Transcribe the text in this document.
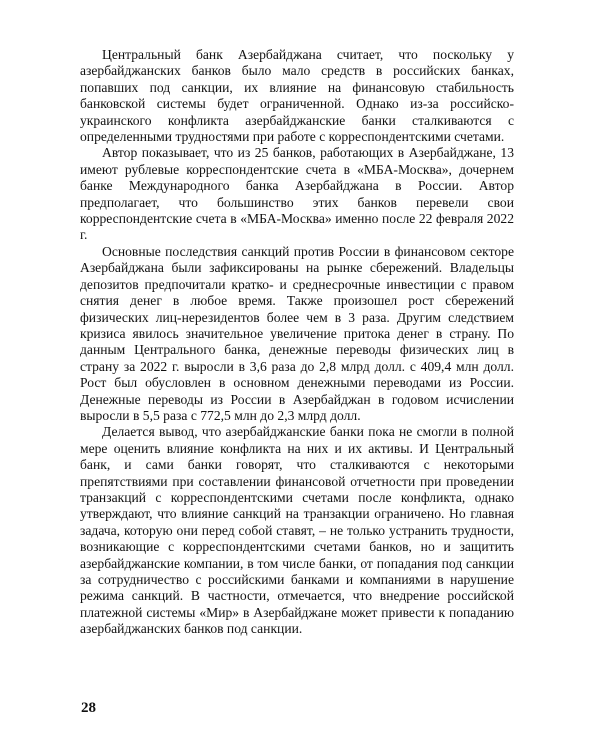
Центральный банк Азербайджана считает, что поскольку у азербайджанских банков было мало средств в российских банках, попавших под санкции, их влияние на финансовую стабильность банковской системы будет ограниченной. Однако из-за российско-украинского конфликта азербайджанские банки сталкиваются с определенными трудностями при работе с корреспондентскими счетами.

Автор показывает, что из 25 банков, работающих в Азербайджане, 13 имеют рублевые корреспондентские счета в «МБА-Москва», дочернем банке Международного банка Азербайджана в России. Автор предполагает, что большинство этих банков перевели свои корреспондентские счета в «МБА-Москва» именно после 22 февраля 2022 г.

Основные последствия санкций против России в финансовом секторе Азербайджана были зафиксированы на рынке сбережений. Владельцы депозитов предпочитали кратко- и среднесрочные инвестиции с правом снятия денег в любое время. Также произошел рост сбережений физических лиц-нерезидентов более чем в 3 раза. Другим следствием кризиса явилось значительное увеличение притока денег в страну. По данным Центрального банка, денежные переводы физических лиц в страну за 2022 г. выросли в 3,6 раза до 2,8 млрд долл. с 409,4 млн долл. Рост был обусловлен в основном денежными переводами из России. Денежные переводы из России в Азербайджан в годовом исчислении выросли в 5,5 раза с 772,5 млн до 2,3 млрд долл.

Делается вывод, что азербайджанские банки пока не смогли в полной мере оценить влияние конфликта на них и их активы. И Центральный банк, и сами банки говорят, что сталкиваются с некоторыми препятствиями при составлении финансовой отчетности при проведении транзакций с корреспондентскими счетами после конфликта, однако утверждают, что влияние санкций на транзакции ограничено. Но главная задача, которую они перед собой ставят, – не только устранить трудности, возникающие с корреспондентскими счетами банков, но и защитить азербайджанские компании, в том числе банки, от попадания под санкции за сотрудничество с российскими банками и компаниями в нарушение режима санкций. В частности, отмечается, что внедрение российской платежной системы «Мир» в Азербайджане может привести к попаданию азербайджанских банков под санкции.

28
